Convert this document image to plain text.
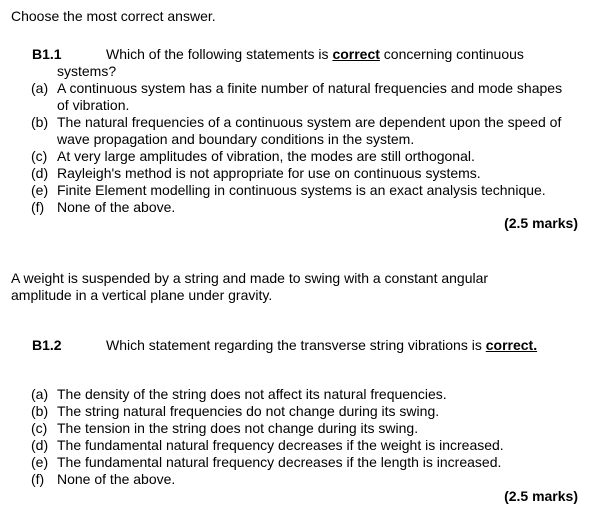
Choose the most correct answer.
B1.1	Which of the following statements is correct concerning continuous
systems?
(a) A continuous system has a finite number of natural frequencies and mode shapes
of vibration.
(b) The natural frequencies of a continuous system are dependent upon the speed of
wave propagation and boundary conditions in the system.
(c) At very large amplitudes of vibration, the modes are still orthogonal.
(d) Rayleigh's method is not appropriate for use on continuous systems.
(e) Finite Element modelling in continuous systems is an exact analysis technique.
(f) None of the above.
(2.5 marks)
A weight is suspended by a string and made to swing with a constant angular
amplitude in a vertical plane under gravity.
B1.2	Which statement regarding the transverse string vibrations is correct.
(a) The density of the string does not affect its natural frequencies.
(b) The string natural frequencies do not change during its swing.
(c) The tension in the string does not change during its swing.
(d) The fundamental natural frequency decreases if the weight is increased.
(e) The fundamental natural frequency decreases if the length is increased.
(f) None of the above.
(2.5 marks)
